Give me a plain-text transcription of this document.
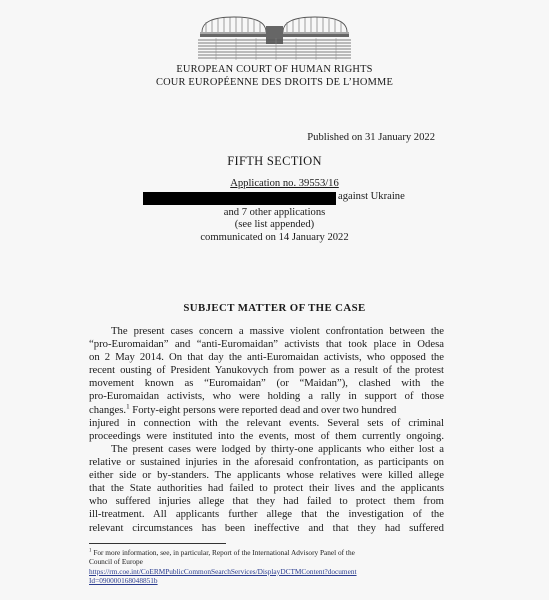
EUROPEAN COURT OF HUMAN RIGHTS
COUR EUROPÉENNE DES DROITS DE L’HOMME
Published on 31 January 2022
FIFTH SECTION
Application no. 39553/16
against Ukraine
and 7 other applications
(see list appended)
communicated on 14 January 2022
SUBJECT MATTER OF THE CASE
The present cases concern a massive violent confrontation between the
“pro-Euromaidan” and “anti-Euromaidan” activists that took place in Odesa
on 2 May 2014. On that day the anti-Euromaidan activists, who opposed the
recent ousting of President Yanukovych from power as a result of the protest
movement known as “Euromaidan” (or “Maidan”), clashed with the
pro-Euromaidan activists, who were holding a rally in support of those
changes.$^1$ Forty-eight persons were reported dead and over two hundred
injured in connection with the relevant events. Several sets of criminal
proceedings were instituted into the events, most of them currently ongoing.
The present cases were lodged by thirty-one applicants who either lost a
relative or sustained injuries in the aforesaid confrontation, as participants on
either side or by-standers. The applicants whose relatives were killed allege
that the State authorities had failed to protect their lives and the applicants
who suffered injuries allege that they had failed to protect them from
ill-treatment. All applicants further allege that the investigation of the
relevant circumstances has been ineffective and that they had suffered
$^1$ For more information, see, in particular, Report of the International Advisory Panel of the
Council of Europe
https://rm.coe.int/CoERMPublicCommonSearchServices/DisplayDCTMContent?document
Id=090000168048851b
